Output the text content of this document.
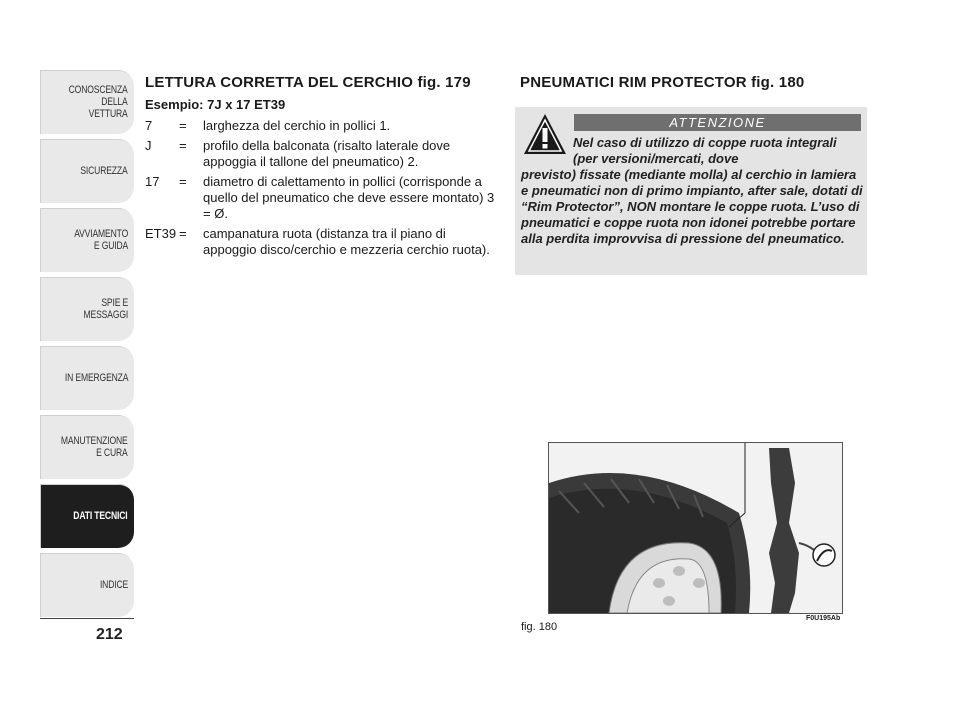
CONOSCENZA
DELLA
VETTURA
SICUREZZA
AVVIAMENTO
E GUIDA
SPIE E
MESSAGGI
IN EMERGENZA
MANUTENZIONE
E CURA
DATI TECNICI
INDICE
212
LETTURA CORRETTA DEL CERCHIO fig. 179
Esempio: 7J x 17 ET39
7	=	larghezza del cerchio in pollici 1.
J	=	profilo della balconata (risalto laterale dove appoggia il tallone del pneumatico) 2.
17	=	diametro di calettamento in pollici (corrisponde a quello del pneumatico che deve essere montato) 3 = Ø.
ET39 =	campanatura ruota (distanza tra il piano di appoggio disco/cerchio e mezzeria cerchio ruota).
PNEUMATICI RIM PROTECTOR fig. 180
ATTENZIONE
Nel caso di utilizzo di coppe ruota integrali (per versioni/mercati, dove
previsto) fissate (mediante molla) al cerchio in lamiera e pneumatici non di primo impianto, after sale, dotati di “Rim Protector”, NON montare le coppe ruota. L’uso di pneumatici e coppe ruota non idonei potrebbe portare alla perdita improvvisa di pressione del pneumatico.
fig. 180
F0U195Ab
